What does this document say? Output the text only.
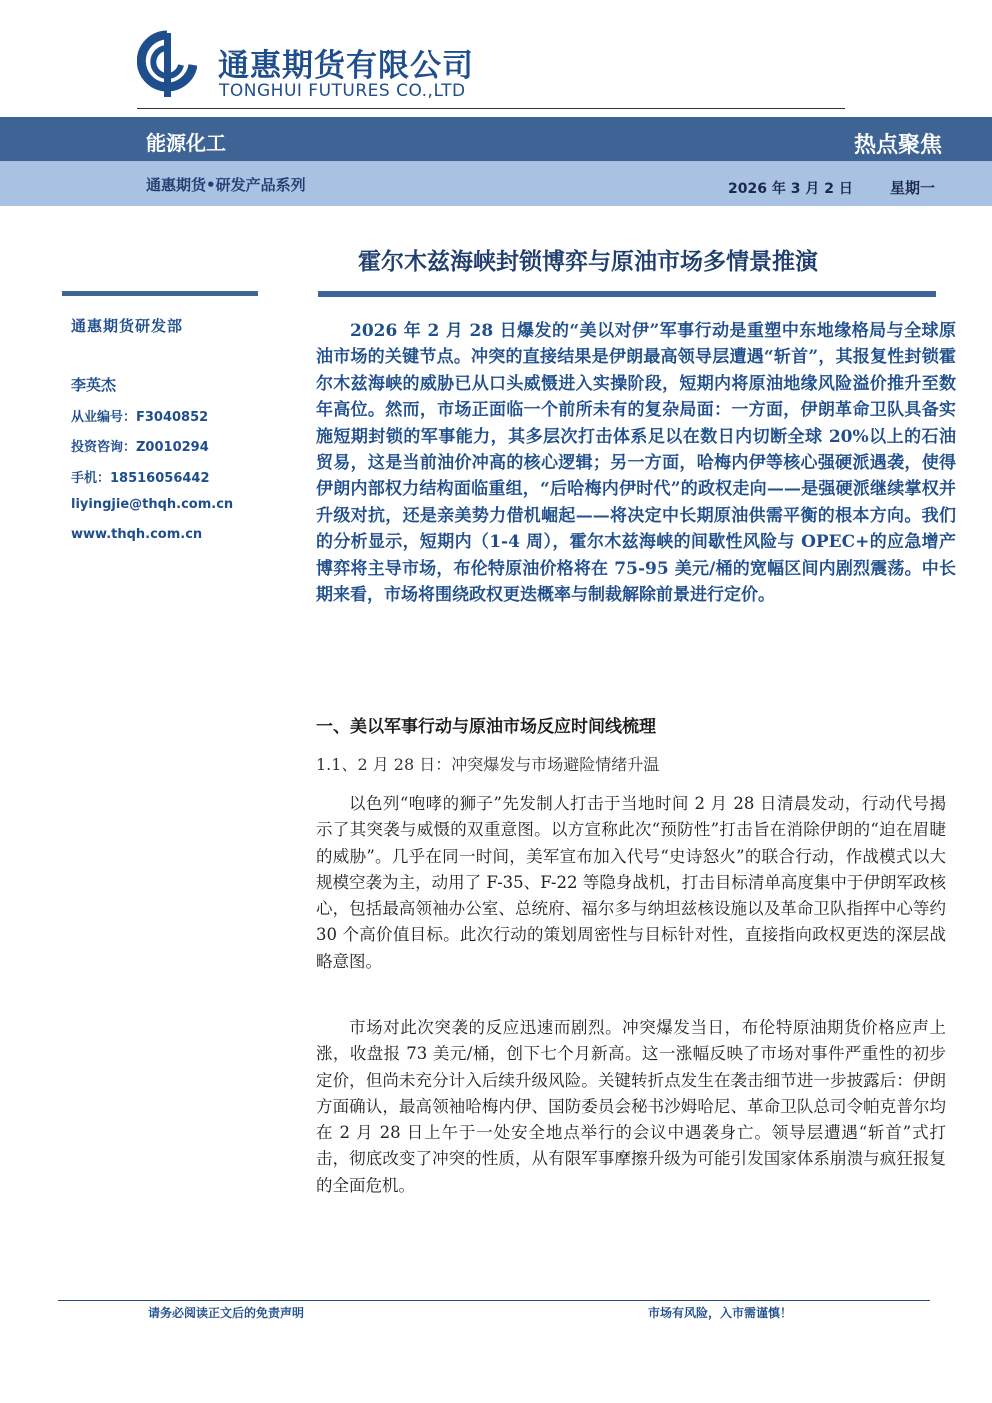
通惠期货有限公司
TONGHUI FUTURES CO.,LTD
能源化工	热点聚焦
通惠期货•研发产品系列	2026 年 3 月 2 日 星期一
霍尔木兹海峡封锁博弈与原油市场多情景推演
通惠期货研发部
李英杰
从业编号：F3040852
投资咨询：Z0010294
手机：18516056442
liyingjie@thqh.com.cn
www.thqh.com.cn

2026 年 2 月 28 日爆发的“美以对伊”军事行动是重塑中东地缘格局与全球原油市场的关键节点。冲突的直接结果是伊朗最高领导层遭遇“斩首”，其报复性封锁霍尔木兹海峡的威胁已从口头威慑进入实操阶段，短期内将原油地缘风险溢价推升至数年高位。然而，市场正面临一个前所未有的复杂局面：一方面，伊朗革命卫队具备实施短期封锁的军事能力，其多层次打击体系足以在数日内切断全球 20%以上的石油贸易，这是当前油价冲高的核心逻辑；另一方面，哈梅内伊等核心强硬派遇袭，使得伊朗内部权力结构面临重组，“后哈梅内伊时代”的政权走向——是强硬派继续掌权并升级对抗，还是亲美势力借机崛起——将决定中长期原油供需平衡的根本方向。我们的分析显示，短期内（1-4 周），霍尔木兹海峡的间歇性风险与 OPEC+的应急增产博弈将主导市场，布伦特原油价格将在 75-95 美元/桶的宽幅区间内剧烈震荡。中长期来看，市场将围绕政权更迭概率与制裁解除前景进行定价。

一、美以军事行动与原油市场反应时间线梳理
1.1、2 月 28 日：冲突爆发与市场避险情绪升温

以色列“咆哮的狮子”先发制人打击于当地时间 2 月 28 日清晨发动，行动代号揭示了其突袭与威慑的双重意图。以方宣称此次“预防性”打击旨在消除伊朗的“迫在眉睫的威胁”。几乎在同一时间，美军宣布加入代号“史诗怒火”的联合行动，作战模式以大规模空袭为主，动用了 F-35、F-22 等隐身战机，打击目标清单高度集中于伊朗军政核心，包括最高领袖办公室、总统府、福尔多与纳坦兹核设施以及革命卫队指挥中心等约 30 个高价值目标。此次行动的策划周密性与目标针对性，直接指向政权更迭的深层战略意图。

市场对此次突袭的反应迅速而剧烈。冲突爆发当日，布伦特原油期货价格应声上涨，收盘报 73 美元/桶，创下七个月新高。这一涨幅反映了市场对事件严重性的初步定价，但尚未充分计入后续升级风险。关键转折点发生在袭击细节进一步披露后：伊朗方面确认，最高领袖哈梅内伊、国防委员会秘书沙姆哈尼、革命卫队总司令帕克普尔均在 2 月 28 日上午于一处安全地点举行的会议中遇袭身亡。领导层遭遇“斩首”式打击，彻底改变了冲突的性质，从有限军事摩擦升级为可能引发国家体系崩溃与疯狂报复的全面危机。

请务必阅读正文后的免责声明	市场有风险，入市需谨慎！
